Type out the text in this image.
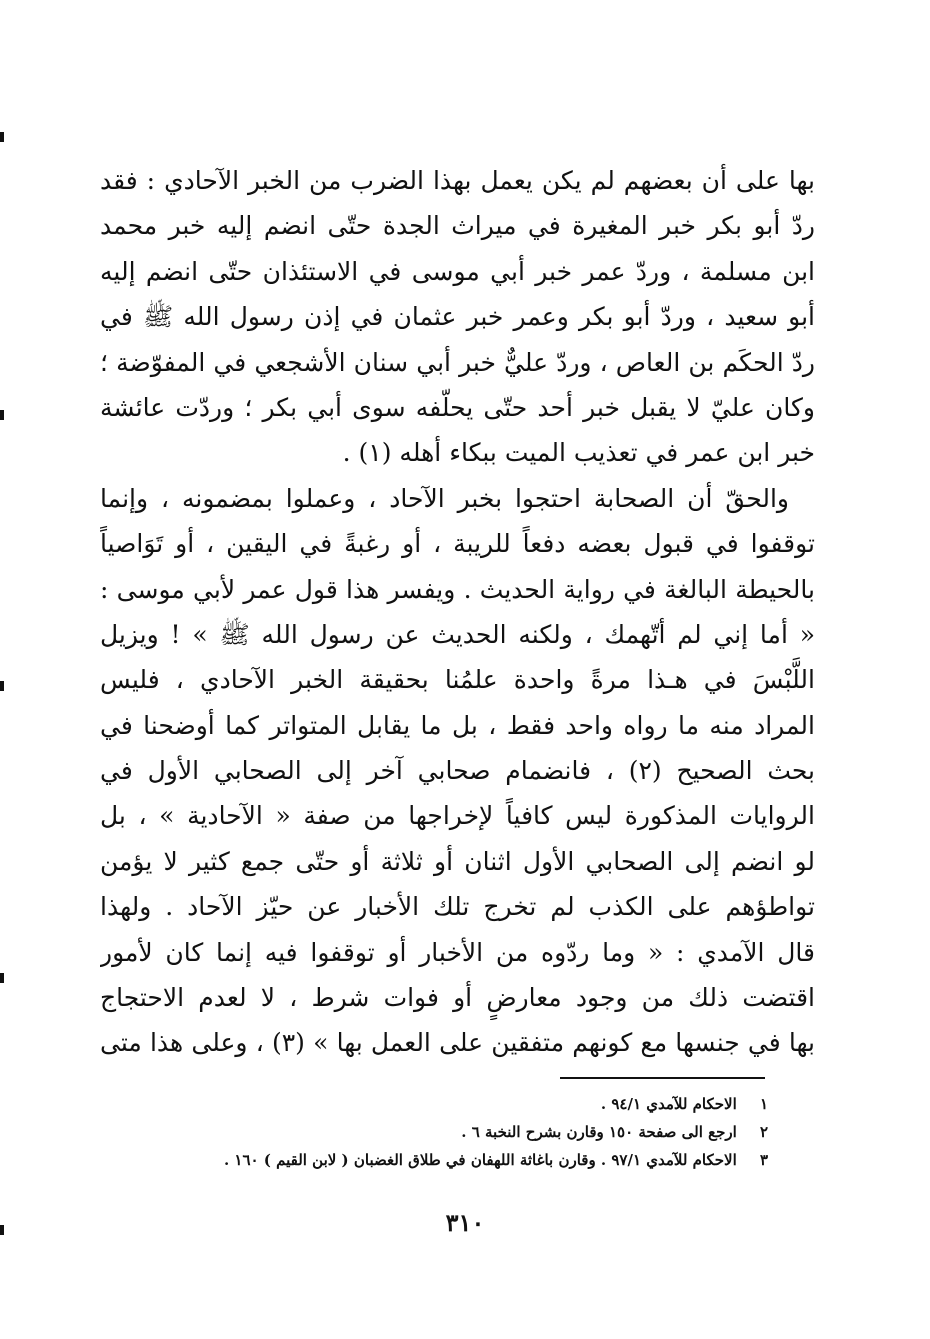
بها على أن بعضهم لم يكن يعمل بهذا الضرب من الخبر الآحادي : فقد
ردّ أبو بكر خبر المغيرة في ميراث الجدة حتّى انضم إليه خبر محمد
ابن مسلمة ، وردّ عمر خبر أبي موسى في الاستئذان حتّى انضم إليه
أبو سعيد ، وردّ أبو بكر وعمر خبر عثمان في إذن رسول الله ﷺ في
ردّ الحكَم بن العاص ، وردّ عليٌّ خبر أبي سنان الأشجعي في المفوّضة ؛
وكان عليّ لا يقبل خبر أحد حتّى يحلّفه سوى أبي بكر ؛ وردّت عائشة
خبر ابن عمر في تعذيب الميت ببكاء أهله (١) .
والحقّ أن الصحابة احتجوا بخبر الآحاد ، وعملوا بمضمونه ، وإنما
توقفوا في قبول بعضه دفعاً للريبة ، أو رغبةً في اليقين ، أو تَوَاصياً
بالحيطة البالغة في رواية الحديث . ويفسر هذا قول عمر لأبي موسى :
« أما إني لم أتّهمك ، ولكنه الحديث عن رسول الله ﷺ » ! ويزيل
اللَّبْسَ في هـذا مرةً واحدة علمُنا بحقيقة الخبر الآحادي ، فليس
المراد منه ما رواه واحد فقط ، بل ما يقابل المتواتر كما أوضحنا في
بحث الصحيح (٢) ، فانضمام صحابي آخر إلى الصحابي الأول في
الروايات المذكورة ليس كافياً لإخراجها من صفة « الآحادية » ، بل
لو انضم إلى الصحابي الأول اثنان أو ثلاثة أو حتّى جمع كثير لا يؤمن
تواطؤهم على الكذب لم تخرج تلك الأخبار عن حيّز الآحاد . ولهذا
قال الآمدي : « وما ردّوه من الأخبار أو توقفوا فيه إنما كان لأمور
اقتضت ذلك من وجود معارضٍ أو فوات شرط ، لا لعدم الاحتجاج
بها في جنسها مع كونهم متفقين على العمل بها » (٣) ، وعلى هذا متى
١ الاحكام للآمدي ٩٤/١ .
٢ ارجع الى صفحة ١٥٠ وقارن بشرح النخبة ٦ .
٣ الاحكام للآمدي ٩٧/١ . وقارن باغاثة اللهفان في طلاق الغضبان ( لابن القيم ) ١٦٠ .
٣١٠
